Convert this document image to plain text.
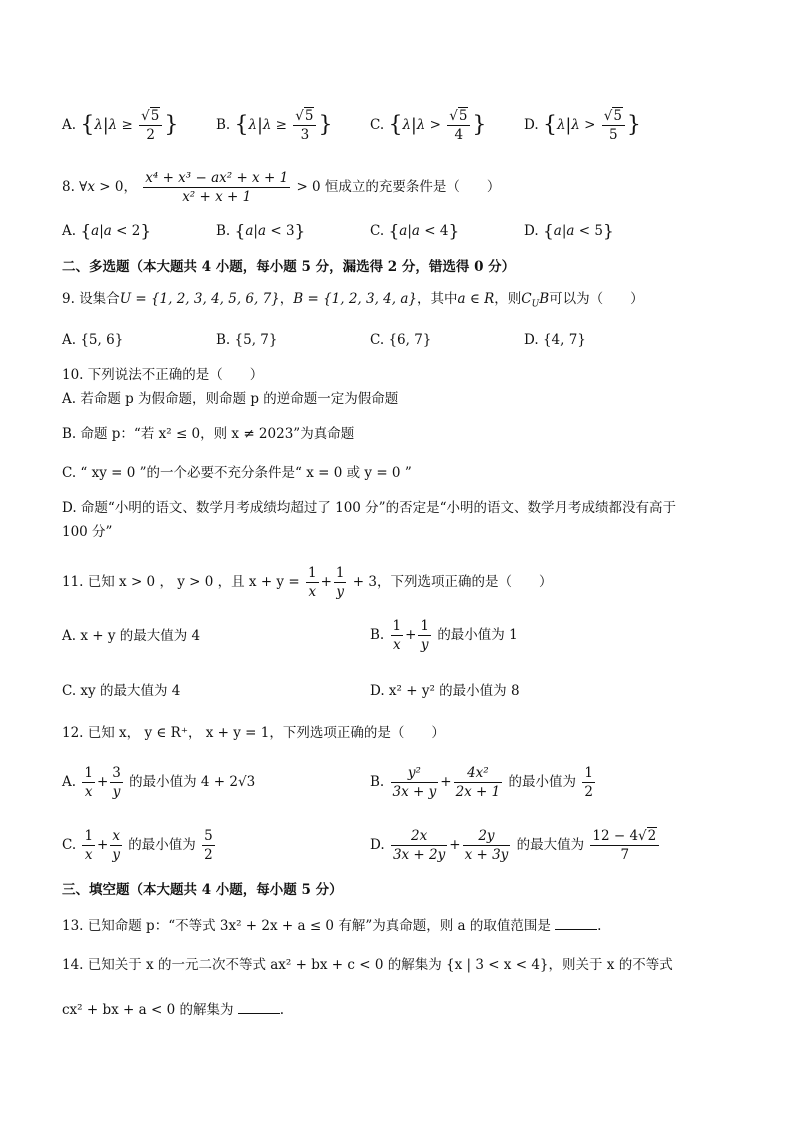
A. {$\lambda|\lambda \ge \frac{√5}{2}$ }	B. {$\lambda|\lambda \ge \frac{√5}{3}$ }	C. {$\lambda|\lambda > \frac{√5}{4}$ }	D. {$\lambda|\lambda > \frac{√5}{5}$ }
8. ∀x > 0， $\frac{\text{x⁴ + x³ − ax² + x + 1}}{\text{x² + x + 1}} > 0$ 恒成立的充要条件是（　　）
A. {a|a < 2}	B. {a|a < 3}	C. {a|a < 4}	D. {a|a < 5}
二、多选题（本大题共 4 小题，每小题 5 分，漏选得 2 分，错选得 0 分）
9. 设集合U = {1, 2, 3, 4, 5, 6, 7}，B = {1, 2, 3, 4, a}，其中a ∈ R，则$C_UB$可以为（　　）
A. {5, 6}	B. {5, 7}	C. {6, 7}	D. {4, 7}
10. 下列说法不正确的是（　　）
A. 若命题 p 为假命题，则命题 p 的逆命题一定为假命题
B. 命题 p：“若 x² ≤ 0，则 x ≠ 2023”为真命题
C. “ xy = 0 ”的一个必要不充分条件是“ x = 0 或 y = 0 ”
D. 命题“小明的语文、数学月考成绩均超过了 100 分”的否定是“小明的语文、数学月考成绩都没有高于
100 分”
11. 已知 x > 0 ， y > 0 ，且 $x + y = \frac{1}{x} + \frac{1}{y} + 3$，下列选项正确的是（　　）
A. x + y 的最大值为 4	B. $\frac{1}{x} + \frac{1}{y}$ 的最小值为 1
C. xy 的最大值为 4	D. x² + y² 的最小值为 8
12. 已知 x， y ∈ R⁺， x + y = 1，下列选项正确的是（　　）
A. $\frac{1}{x} + \frac{3}{y}$ 的最小值为 4 + 2√3	B. $\frac{\text{y²}}{3x + y} + \frac{\text{4x²}}{2x + 1}$ 的最小值为 $\frac{1}{2}$
C. $\frac{1}{x} + \frac{x}{y}$ 的最小值为 $\frac{5}{2}$	D. $\frac{2x}{3x + 2y} + \frac{2y}{x + 3y}$ 的最大值为 $\frac{12 - 4√2}{7}$
三、填空题（本大题共 4 小题，每小题 5 分）
13. 已知命题 p：“不等式 3x² + 2x + a ≤ 0 有解”为真命题，则 a 的取值范围是	.
14. 已知关于 x 的一元二次不等式 ax² + bx + c < 0 的解集为 {x | 3 < x < 4}，则关于 x 的不等式
cx² + bx + a < 0 的解集为	.
